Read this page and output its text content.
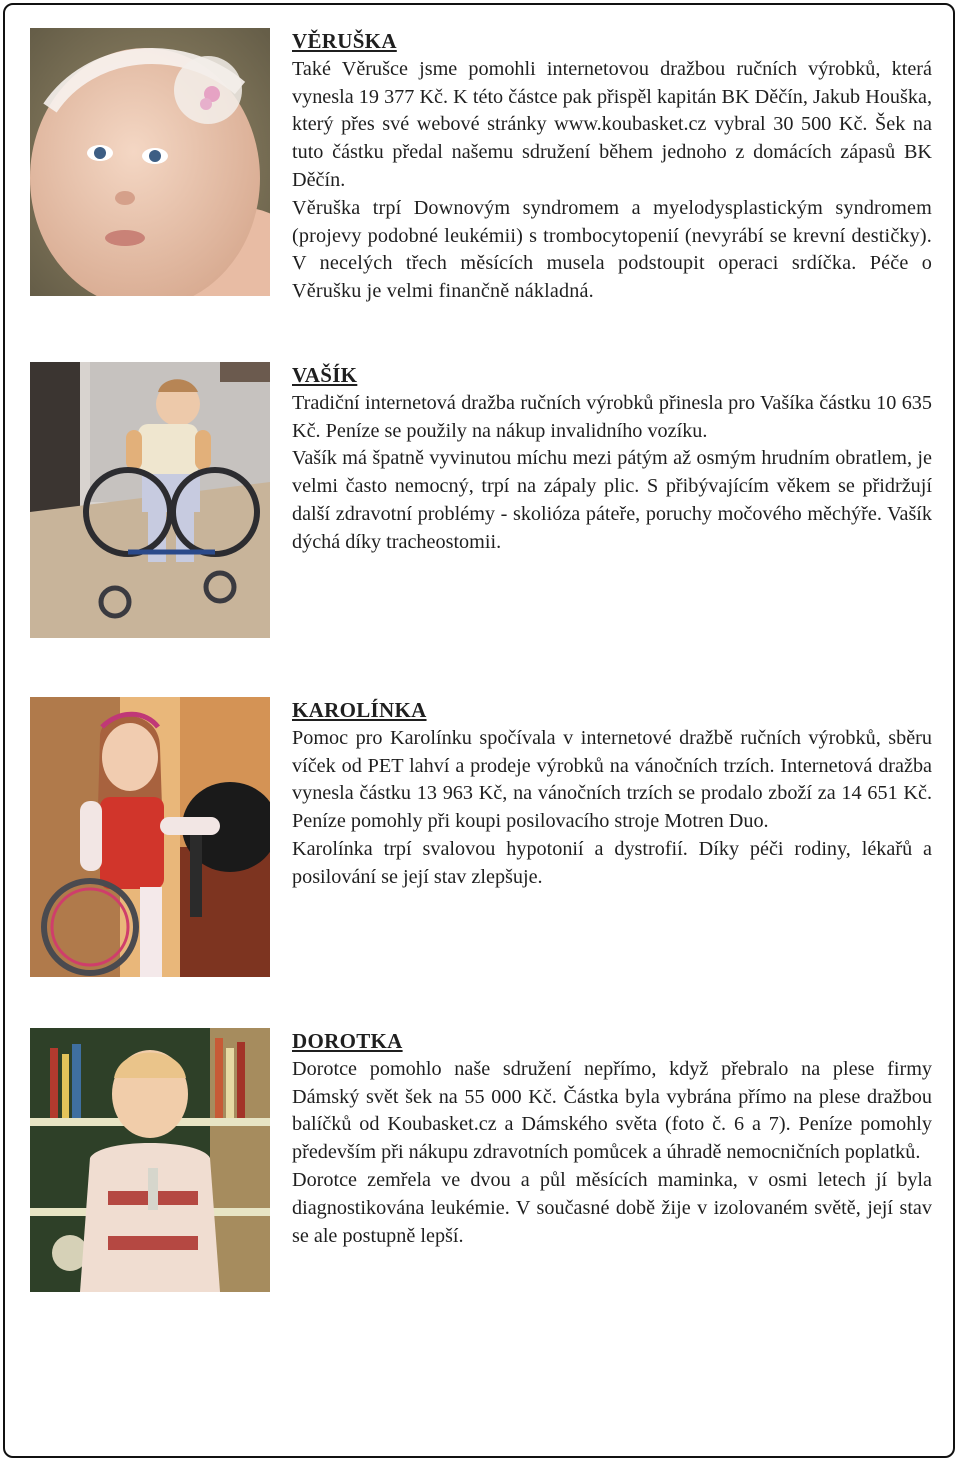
VĚRUŠKA

Také Věrušce jsme pomohli internetovou dražbou ručních výrobků, která vynesla 19 377 Kč. K této částce pak přispěl kapitán BK Děčín, Jakub Houška, který přes své webové stránky www.koubasket.cz vybral 30 500 Kč. Šek na tuto částku předal našemu sdružení během jednoho z domácích zápasů BK Děčín.

Věruška trpí Downovým syndromem a myelodysplastickým syndromem (projevy podobné leukémii) s trombocytopenií (nevyrábí se krevní destičky). V necelých třech měsících musela podstoupit operaci srdíčka. Péče o Věrušku je velmi finančně nákladná.

VAŠÍK

Tradiční internetová dražba ručních výrobků přinesla pro Vašíka částku 10 635 Kč. Peníze se použily na nákup invalidního vozíku.

Vašík má špatně vyvinutou míchu mezi pátým až osmým hrudním obratlem, je velmi často nemocný, trpí na zápaly plic. S přibývajícím věkem se přidržují další zdravotní problémy - skolióza páteře, poruchy močového měchýře. Vašík dýchá díky tracheostomii.

KAROLÍNKA

Pomoc pro Karolínku spočívala v internetové dražbě ručních výrobků, sběru víček od PET lahví a prodeje výrobků na vánočních trzích. Internetová dražba vynesla částku 13 963 Kč, na vánočních trzích se prodalo zboží za 14 651 Kč. Peníze pomohly při koupi posilovacího stroje Motren Duo.

Karolínka trpí svalovou hypotonií a dystrofií. Díky péči rodiny, lékařů a posilování se její stav zlepšuje.

DOROTKA

Dorotce pomohlo naše sdružení nepřímo, když přebralo na plese firmy Dámský svět šek na 55 000 Kč. Částka byla vybrána přímo na plese dražbou balíčků od Koubasket.cz a Dámského světa (foto č. 6 a 7). Peníze pomohly především při nákupu zdravotních pomůcek a úhradě nemocničních poplatků.

Dorotce zemřela ve dvou a půl měsících maminka, v osmi letech jí byla diagnostikována leukémie. V současné době žije v izolovaném světě, její stav se ale postupně lepší.
